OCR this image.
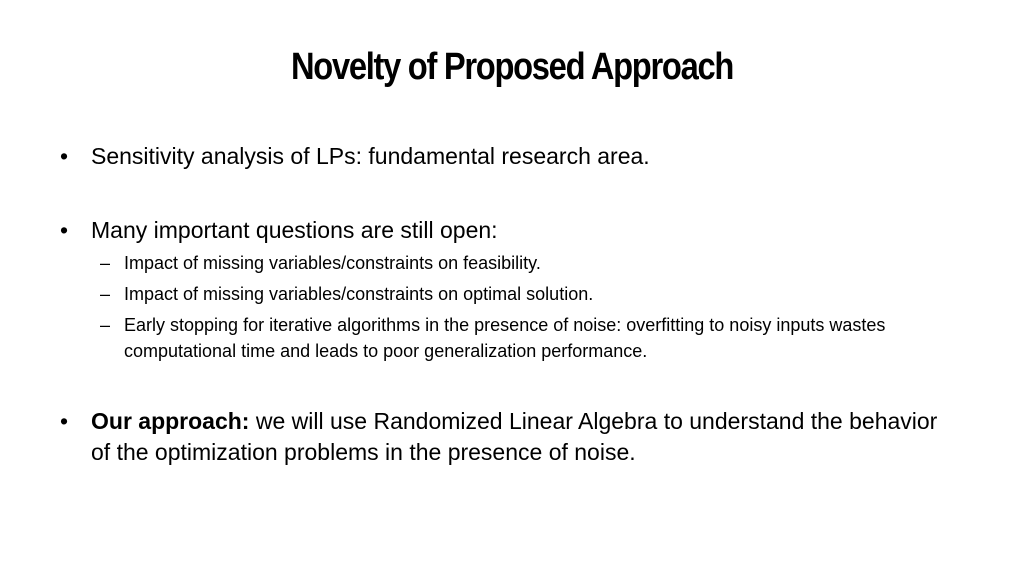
Novelty of Proposed Approach
• Sensitivity analysis of LPs: fundamental research area.
• Many important questions are still open:
– Impact of missing variables/constraints on feasibility.
– Impact of missing variables/constraints on optimal solution.
– Early stopping for iterative algorithms in the presence of noise: overfitting to noisy inputs wastes computational time and leads to poor generalization performance.
• Our approach: we will use Randomized Linear Algebra to understand the behavior of the optimization problems in the presence of noise.
